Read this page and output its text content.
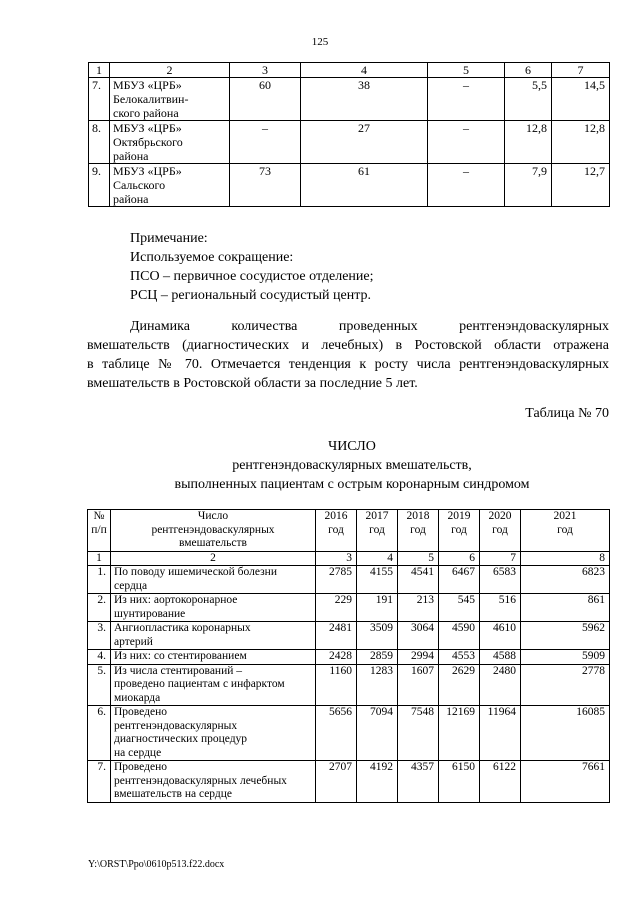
125
1	2	3	4	5	6	7
7.	МБУЗ «ЦРБ»
Белокалитвин-
ского района	60	38	–	5,5	14,5
8.	МБУЗ «ЦРБ»
Октябрьского
района	–	27	–	12,8	12,8
9.	МБУЗ «ЦРБ»
Сальского
района	73	61	–	7,9	12,7
Примечание:
Используемое сокращение:
ПСО – первичное сосудистое отделение;
РСЦ – региональный сосудистый центр.
Динамика количества проведенных рентгенэндоваскулярных
вмешательств (диагностических и лечебных) в Ростовской области отражена
в таблице № 70. Отмечается тенденция к росту числа рентгенэндоваскулярных
вмешательств в Ростовской области за последние 5 лет.
Таблица № 70
ЧИСЛО
рентгенэндоваскулярных вмешательств,
выполненных пациентам с острым коронарным синдромом
№
п/п	Число
рентгенэндоваскулярных
вмешательств	2016
год	2017
год	2018
год	2019
год	2020
год	2021
год
1	2	3	4	5	6	7	8
1.	По поводу ишемической болезни
сердца	2785	4155	4541	6467	6583	6823
2.	Из них: аортокоронарное
шунтирование	229	191	213	545	516	861
3.	Ангиопластика коронарных
артерий	2481	3509	3064	4590	4610	5962
4.	Из них: со стентированием	2428	2859	2994	4553	4588	5909
5.	Из числа стентирований –
проведено пациентам с инфарктом
миокарда	1160	1283	1607	2629	2480	2778
6.	Проведено
рентгенэндоваскулярных
диагностических процедур
на сердце	5656	7094	7548	12169	11964	16085
7.	Проведено
рентгенэндоваскулярных лечебных
вмешательств на сердце	2707	4192	4357	6150	6122	7661
Y:\ORST\Ppo\0610p513.f22.docx
